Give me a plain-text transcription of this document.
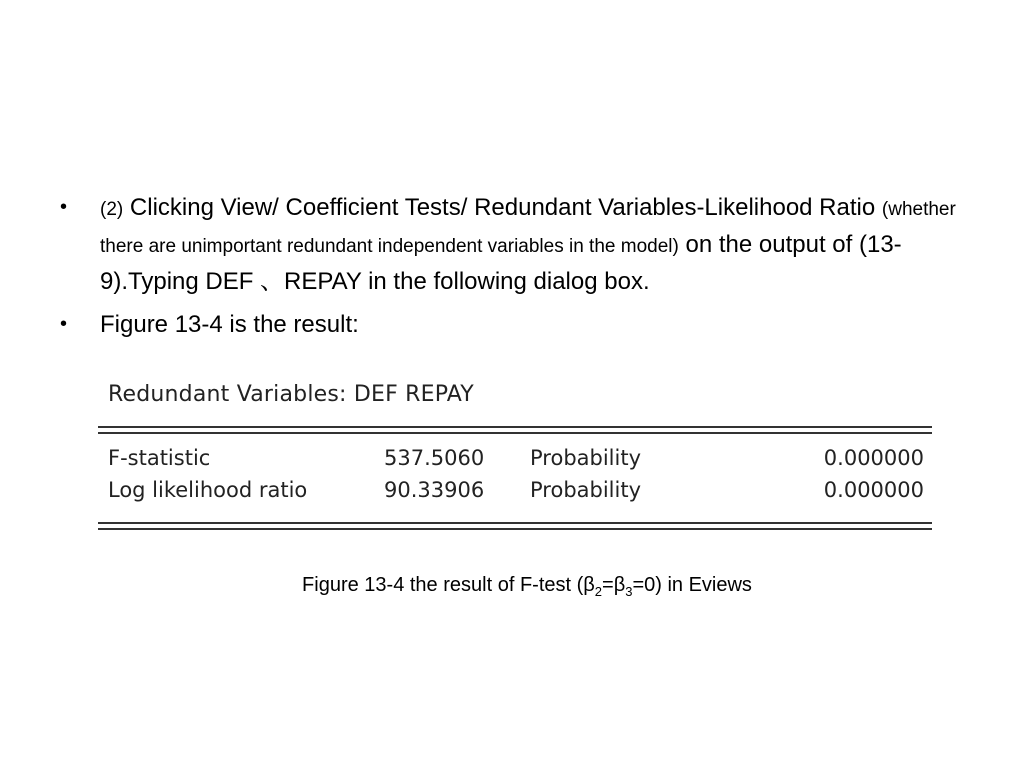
• (2) Clicking View/ Coefficient Tests/ Redundant Variables-Likelihood Ratio (whether there are unimportant redundant independent variables in the model) on the output of (13-9).Typing DEF 、REPAY in the following dialog box.
• Figure 13-4 is the result:
Redundant Variables: DEF REPAY
F-statistic	537.5060 Probability	0.000000
Log likelihood ratio	90.33906 Probability	0.000000
Figure 13-4 the result of F-test $(\beta_2=\beta_3=0)$ in Eviews
